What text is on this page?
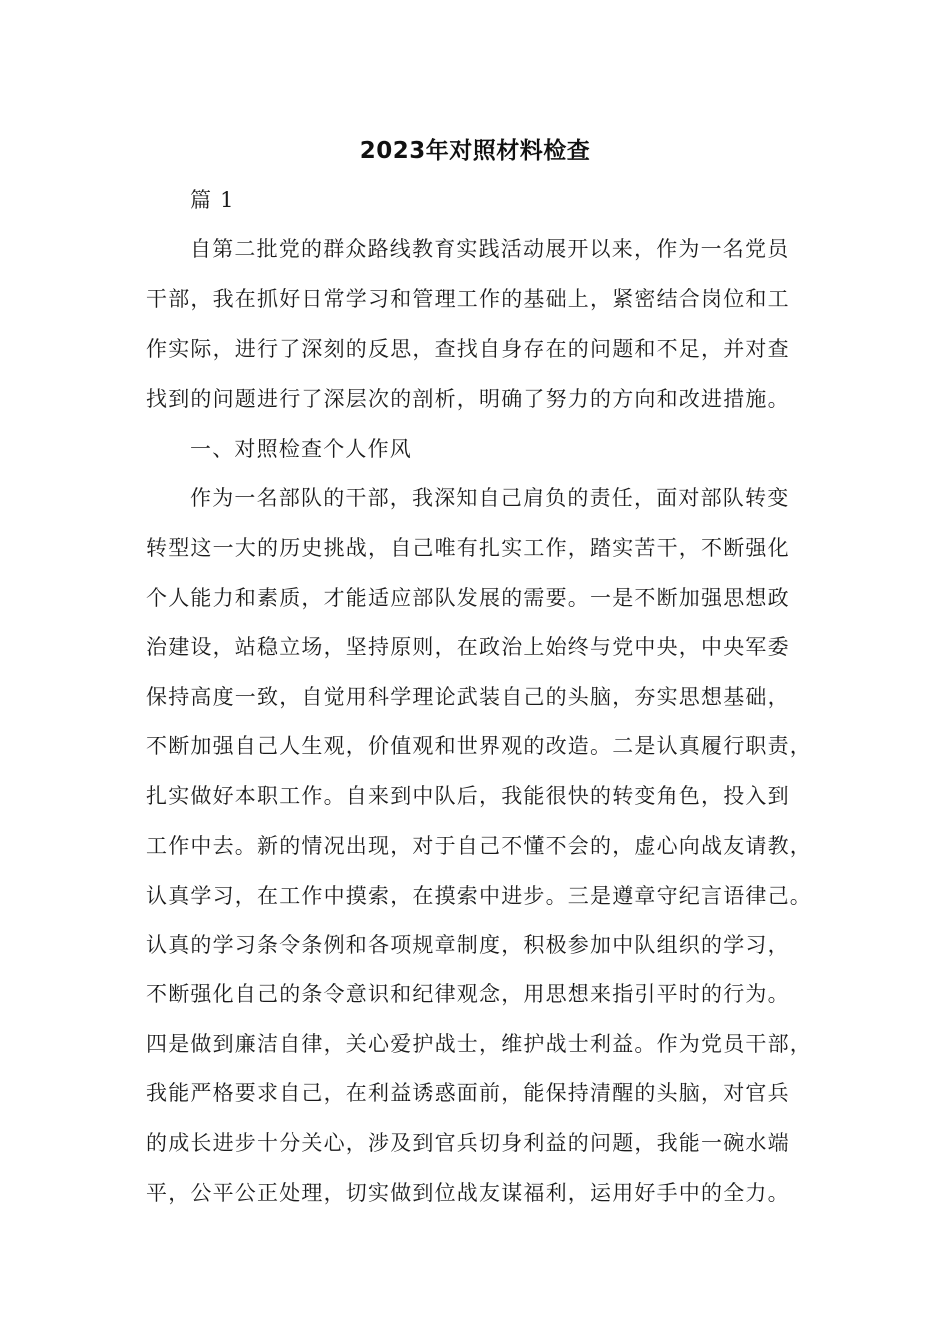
2023年对照材料检查
篇 1
自第二批党的群众路线教育实践活动展开以来，作为一名党员
干部，我在抓好日常学习和管理工作的基础上，紧密结合岗位和工
作实际，进行了深刻的反思，查找自身存在的问题和不足，并对查
找到的问题进行了深层次的剖析，明确了努力的方向和改进措施。
一、对照检查个人作风
作为一名部队的干部，我深知自己肩负的责任，面对部队转变
转型这一大的历史挑战，自己唯有扎实工作，踏实苦干，不断强化
个人能力和素质，才能适应部队发展的需要。一是不断加强思想政
治建设，站稳立场，坚持原则，在政治上始终与党中央，中央军委
保持高度一致，自觉用科学理论武装自己的头脑，夯实思想基础，
不断加强自己人生观，价值观和世界观的改造。二是认真履行职责，
扎实做好本职工作。自来到中队后，我能很快的转变角色，投入到
工作中去。新的情况出现，对于自己不懂不会的，虚心向战友请教，
认真学习，在工作中摸索，在摸索中进步。三是遵章守纪言语律己。
认真的学习条令条例和各项规章制度，积极参加中队组织的学习，
不断强化自己的条令意识和纪律观念，用思想来指引平时的行为。
四是做到廉洁自律，关心爱护战士，维护战士利益。作为党员干部，
我能严格要求自己，在利益诱惑面前，能保持清醒的头脑，对官兵
的成长进步十分关心，涉及到官兵切身利益的问题，我能一碗水端
平，公平公正处理，切实做到位战友谋福利，运用好手中的全力。
